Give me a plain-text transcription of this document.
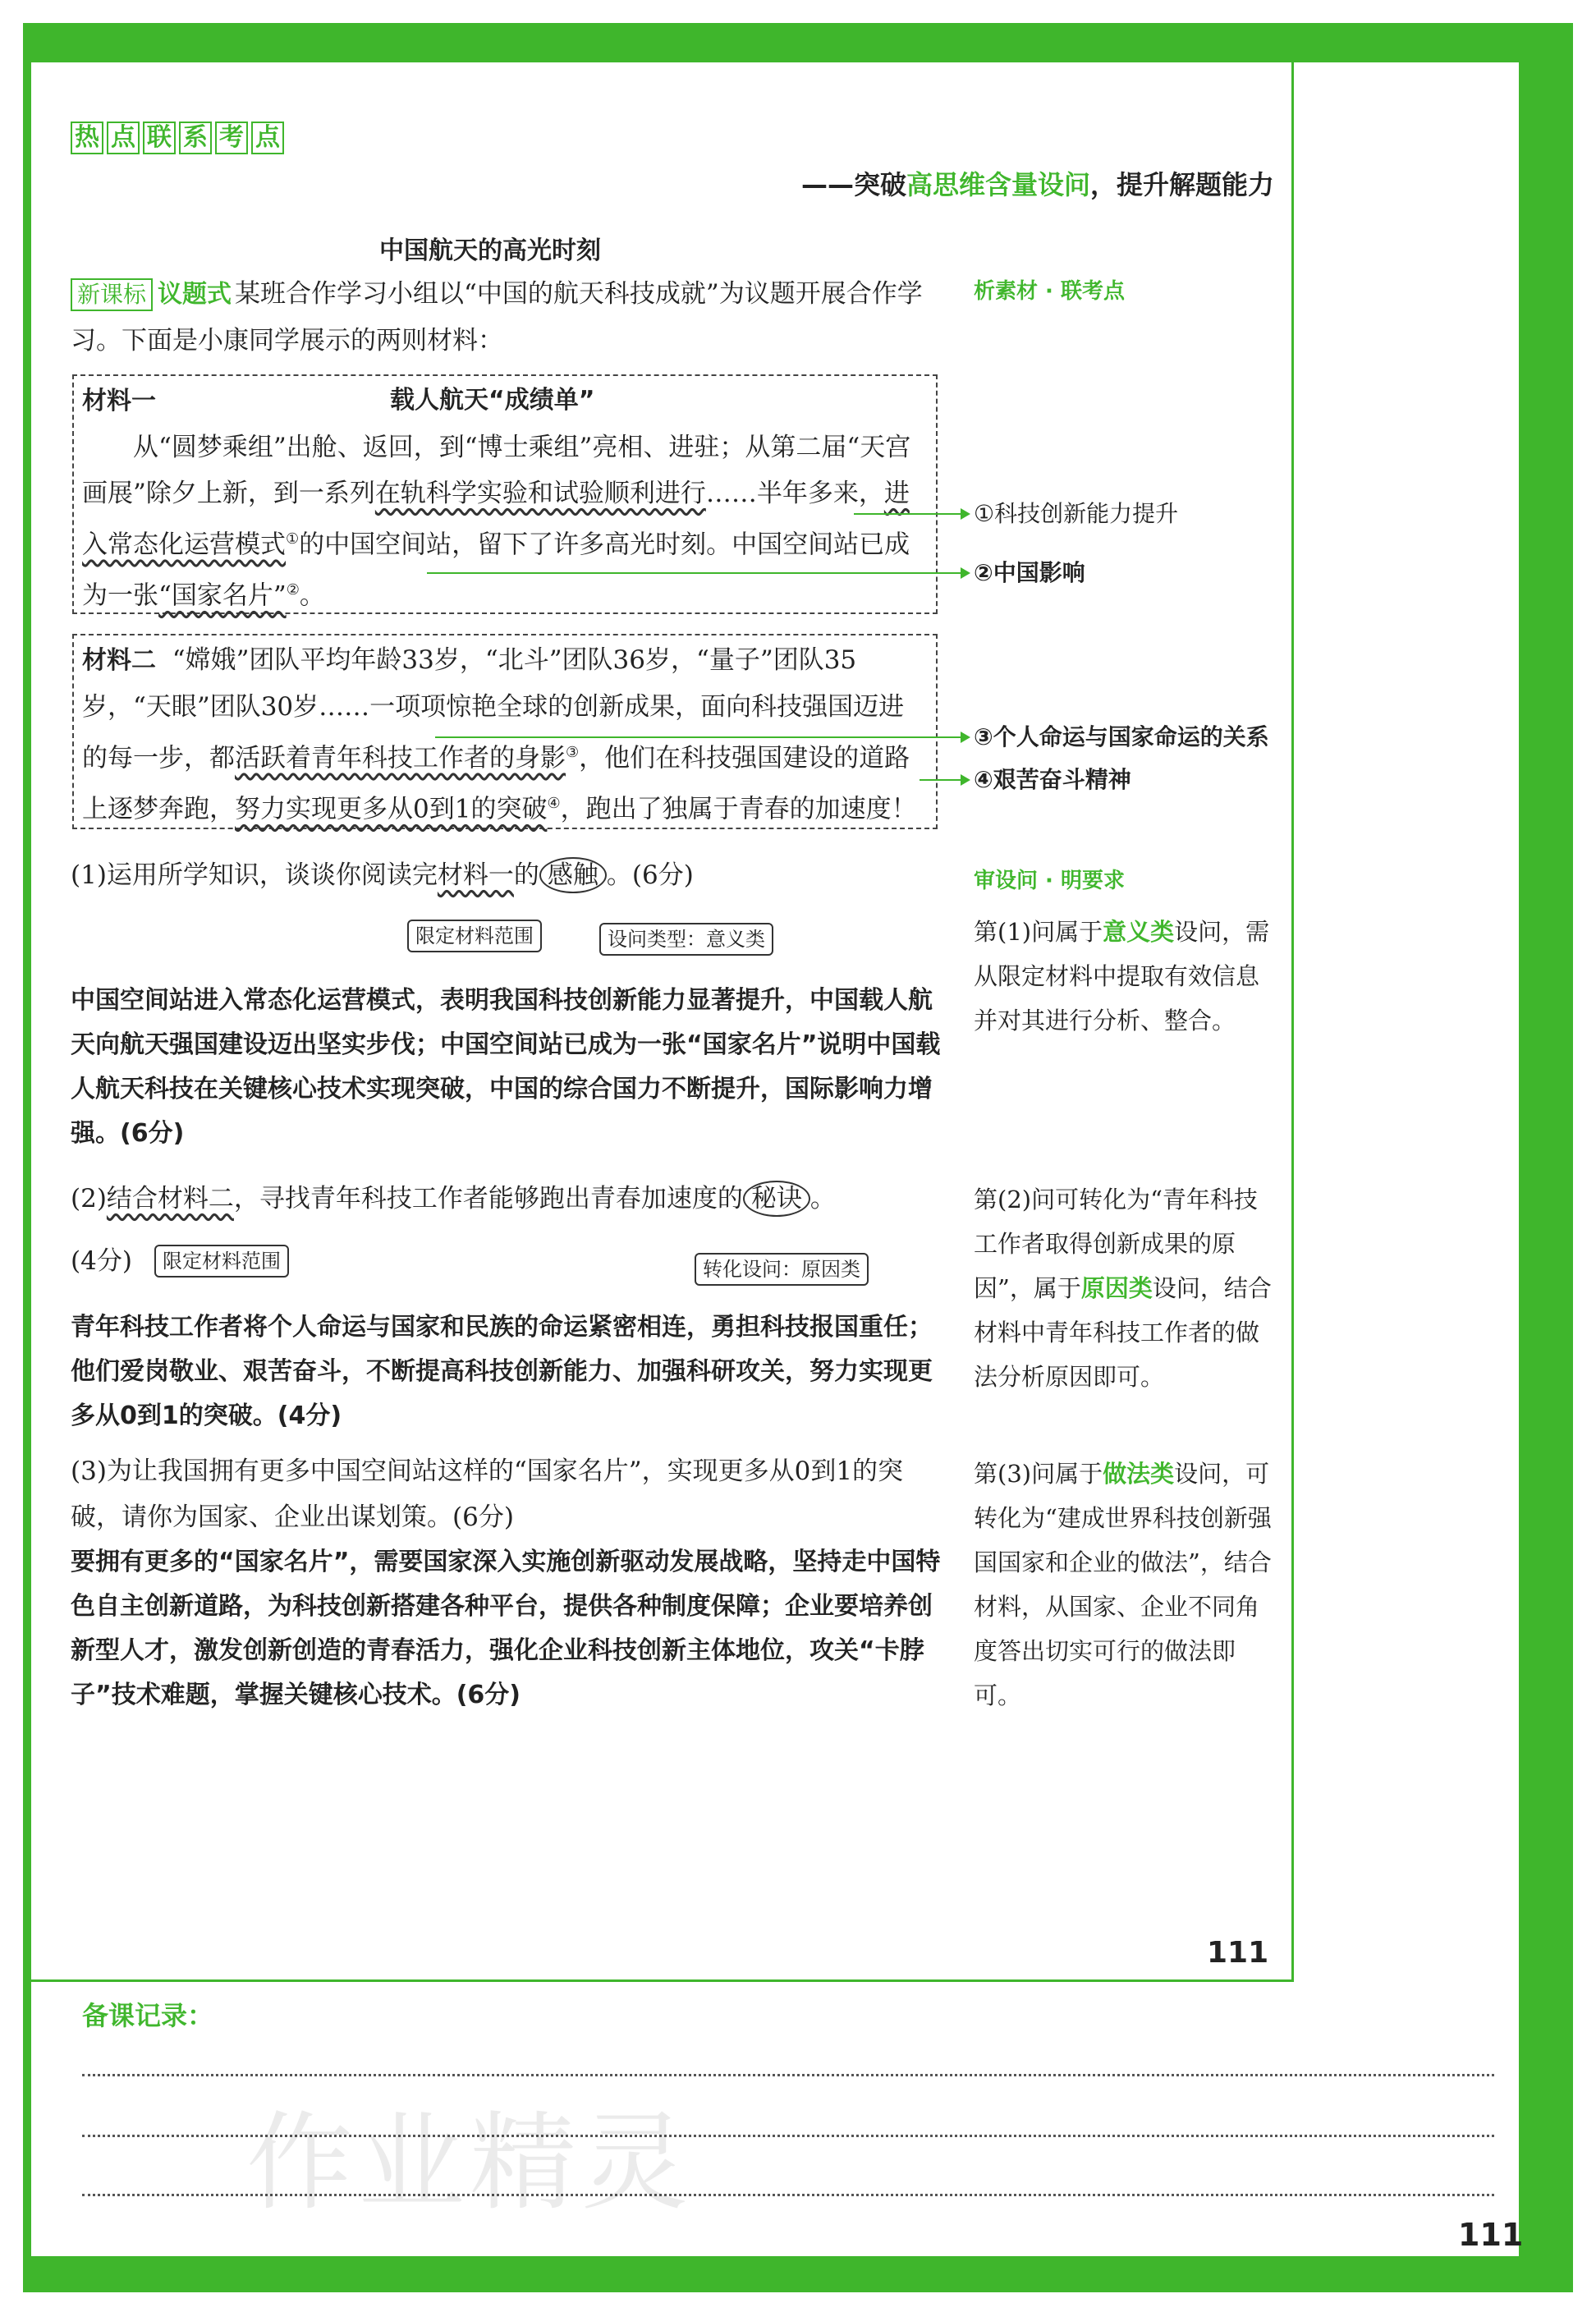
热 点 联 系 考 点
——突破高思维含量设问，提升解题能力
中国航天的高光时刻
新课标 议题式 某班合作学习小组以“中国的航天科技成就”为议题开展合作学习。下面是小康同学展示的两则材料：
材料一	载人航天“成绩单”
从“圆梦乘组”出舱、返回，到“博士乘组”亮相、进驻；从第二届“天宫画展”除夕上新，到一系列在轨科学实验和试验顺利进行……半年多来，进入常态化运营模式①的中国空间站，留下了许多高光时刻。中国空间站已成为一张“国家名片”②。
材料二 “嫦娥”团队平均年龄33岁，“北斗”团队36岁，“量子”团队35岁，“天眼”团队30岁……一项项惊艳全球的创新成果，面向科技强国迈进的每一步，都活跃着青年科技工作者的身影③，他们在科技强国建设的道路上逐梦奔跑，努力实现更多从0到1的突破④，跑出了独属于青春的加速度！
析素材 · 联考点
①科技创新能力提升
②中国影响
③个人命运与国家命运的关系
④艰苦奋斗精神
(1)运用所学知识，谈谈你阅读完材料一的 感触 。(6分)
限定材料范围	设问类型：意义类
中国空间站进入常态化运营模式，表明我国科技创新能力显著提升，中国载人航天向航天强国建设迈出坚实步伐；中国空间站已成为一张“国家名片”说明中国载人航天科技在关键核心技术实现突破，中国的综合国力不断提升，国际影响力增强。(6分)
(2)结合材料二，寻找青年科技工作者能够跑出青春加速度的 秘诀 。
(4分)	限定材料范围	转化设问：原因类
青年科技工作者将个人命运与国家和民族的命运紧密相连，勇担科技报国重任；他们爱岗敬业、艰苦奋斗，不断提高科技创新能力、加强科研攻关，努力实现更多从0到1的突破。(4分)
(3)为让我国拥有更多中国空间站这样的“国家名片”，实现更多从0到1的突破，请你为国家、企业出谋划策。(6分)
要拥有更多的“国家名片”，需要国家深入实施创新驱动发展战略，坚持走中国特色自主创新道路，为科技创新搭建各种平台，提供各种制度保障；企业要培养创新型人才，激发创新创造的青春活力，强化企业科技创新主体地位，攻关“卡脖子”技术难题，掌握关键核心技术。(6分)
审设问 · 明要求
第(1)问属于意义类设问，需从限定材料中提取有效信息并对其进行分析、整合。
第(2)问可转化为“青年科技工作者取得创新成果的原因”，属于原因类设问，结合材料中青年科技工作者的做法分析原因即可。
第(3)问属于做法类设问，可转化为“建成世界科技创新强国国家和企业的做法”，结合材料，从国家、企业不同角度答出切实可行的做法即可。
111
备课记录：
作业精灵
111
